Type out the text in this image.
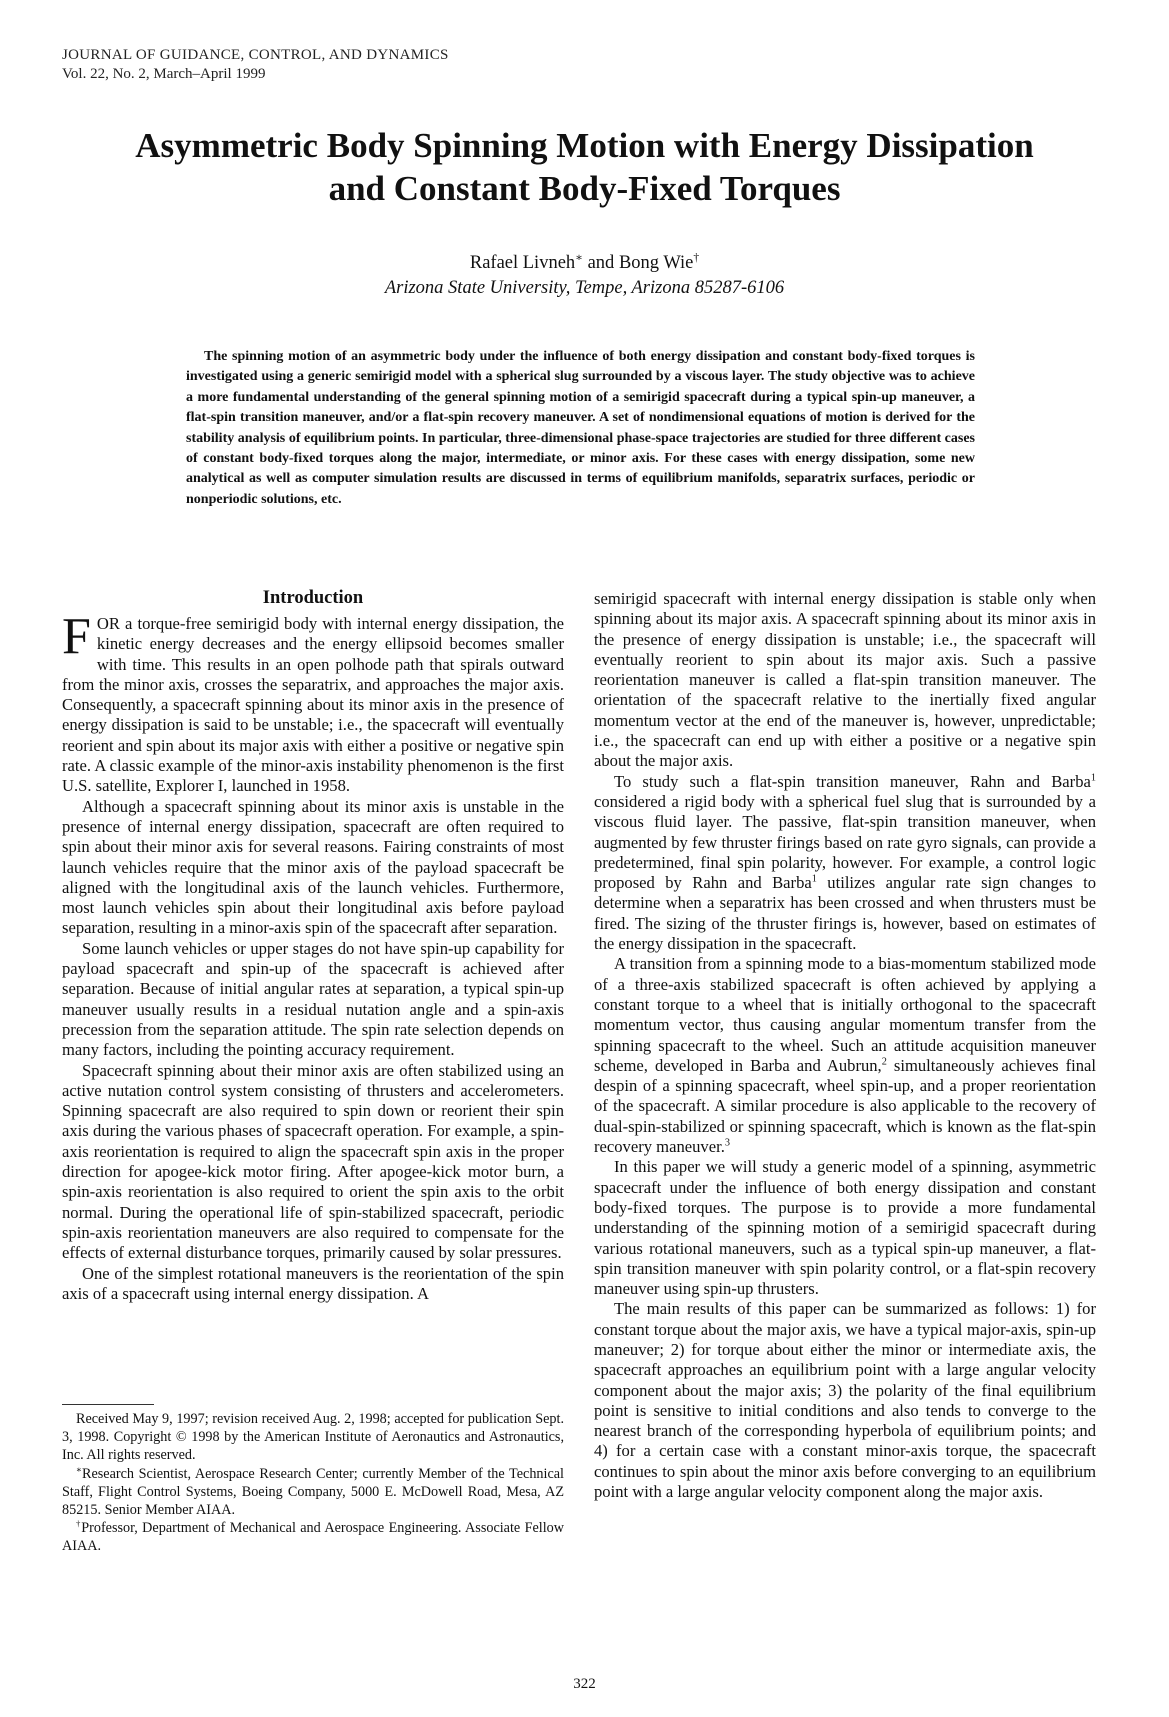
JOURNAL OF GUIDANCE, CONTROL, AND DYNAMICS
Vol. 22, No. 2, March–April 1999
Asymmetric Body Spinning Motion with Energy Dissipation
and Constant Body-Fixed Torques
Rafael Livneh∗ and Bong Wie†
Arizona State University, Tempe, Arizona 85287-6106
The spinning motion of an asymmetric body under the influence of both energy dissipation and constant body-fixed torques is investigated using a generic semirigid model with a spherical slug surrounded by a viscous layer. The study objective was to achieve a more fundamental understanding of the general spinning motion of a semirigid spacecraft during a typical spin-up maneuver, a flat-spin transition maneuver, and/or a flat-spin recovery maneuver. A set of nondimensional equations of motion is derived for the stability analysis of equilibrium points. In particular, three-dimensional phase-space trajectories are studied for three different cases of constant body-fixed torques along the major, intermediate, or minor axis. For these cases with energy dissipation, some new analytical as well as computer simulation results are discussed in terms of equilibrium manifolds, separatrix surfaces, periodic or nonperiodic solutions, etc.
Introduction

FOR a torque-free semirigid body with internal energy dissipation, the kinetic energy decreases and the energy ellipsoid becomes smaller with time. This results in an open polhode path that spirals outward from the minor axis, crosses the separatrix, and approaches the major axis. Consequently, a spacecraft spinning about its minor axis in the presence of energy dissipation is said to be unstable; i.e., the spacecraft will eventually reorient and spin about its major axis with either a positive or negative spin rate. A classic example of the minor-axis instability phenomenon is the first U.S. satellite, Explorer I, launched in 1958.

Although a spacecraft spinning about its minor axis is unstable in the presence of internal energy dissipation, spacecraft are often required to spin about their minor axis for several reasons. Fairing constraints of most launch vehicles require that the minor axis of the payload spacecraft be aligned with the longitudinal axis of the launch vehicles. Furthermore, most launch vehicles spin about their longitudinal axis before payload separation, resulting in a minor-axis spin of the spacecraft after separation.

Some launch vehicles or upper stages do not have spin-up capability for payload spacecraft and spin-up of the spacecraft is achieved after separation. Because of initial angular rates at separation, a typical spin-up maneuver usually results in a residual nutation angle and a spin-axis precession from the separation attitude. The spin rate selection depends on many factors, including the pointing accuracy requirement.

Spacecraft spinning about their minor axis are often stabilized using an active nutation control system consisting of thrusters and accelerometers. Spinning spacecraft are also required to spin down or reorient their spin axis during the various phases of spacecraft operation. For example, a spin-axis reorientation is required to align the spacecraft spin axis in the proper direction for apogee-kick motor firing. After apogee-kick motor burn, a spin-axis reorientation is also required to orient the spin axis to the orbit normal. During the operational life of spin-stabilized spacecraft, periodic spin-axis reorientation maneuvers are also required to compensate for the effects of external disturbance torques, primarily caused by solar pressures.

One of the simplest rotational maneuvers is the reorientation of the spin axis of a spacecraft using internal energy dissipation. A

semirigid spacecraft with internal energy dissipation is stable only when spinning about its major axis. A spacecraft spinning about its minor axis in the presence of energy dissipation is unstable; i.e., the spacecraft will eventually reorient to spin about its major axis. Such a passive reorientation maneuver is called a flat-spin transition maneuver. The orientation of the spacecraft relative to the inertially fixed angular momentum vector at the end of the maneuver is, however, unpredictable; i.e., the spacecraft can end up with either a positive or a negative spin about the major axis.

To study such a flat-spin transition maneuver, Rahn and Barba$^1$ considered a rigid body with a spherical fuel slug that is surrounded by a viscous fluid layer. The passive, flat-spin transition maneuver, when augmented by few thruster firings based on rate gyro signals, can provide a predetermined, final spin polarity, however. For example, a control logic proposed by Rahn and Barba$^1$ utilizes angular rate sign changes to determine when a separatrix has been crossed and when thrusters must be fired. The sizing of the thruster firings is, however, based on estimates of the energy dissipation in the spacecraft.

A transition from a spinning mode to a bias-momentum stabilized mode of a three-axis stabilized spacecraft is often achieved by applying a constant torque to a wheel that is initially orthogonal to the spacecraft momentum vector, thus causing angular momentum transfer from the spinning spacecraft to the wheel. Such an attitude acquisition maneuver scheme, developed in Barba and Aubrun,$^2$ simultaneously achieves final despin of a spinning spacecraft, wheel spin-up, and a proper reorientation of the spacecraft. A similar procedure is also applicable to the recovery of dual-spin-stabilized or spinning spacecraft, which is known as the flat-spin recovery maneuver.$^3$

In this paper we will study a generic model of a spinning, asymmetric spacecraft under the influence of both energy dissipation and constant body-fixed torques. The purpose is to provide a more fundamental understanding of the spinning motion of a semirigid spacecraft during various rotational maneuvers, such as a typical spin-up maneuver, a flat-spin transition maneuver with spin polarity control, or a flat-spin recovery maneuver using spin-up thrusters.

The main results of this paper can be summarized as follows: 1) for constant torque about the major axis, we have a typical major-axis, spin-up maneuver; 2) for torque about either the minor or intermediate axis, the spacecraft approaches an equilibrium point with a large angular velocity component about the major axis; 3) the polarity of the final equilibrium point is sensitive to initial conditions and also tends to converge to the nearest branch of the corresponding hyperbola of equilibrium points; and 4) for a certain case with a constant minor-axis torque, the spacecraft continues to spin about the minor axis before converging to an equilibrium point with a large angular velocity component along the major axis.

Received May 9, 1997; revision received Aug. 2, 1998; accepted for publication Sept. 3, 1998. Copyright © 1998 by the American Institute of Aeronautics and Astronautics, Inc. All rights reserved.

∗Research Scientist, Aerospace Research Center; currently Member of the Technical Staff, Flight Control Systems, Boeing Company, 5000 E. McDowell Road, Mesa, AZ 85215. Senior Member AIAA.

†Professor, Department of Mechanical and Aerospace Engineering. Associate Fellow AIAA.

322
